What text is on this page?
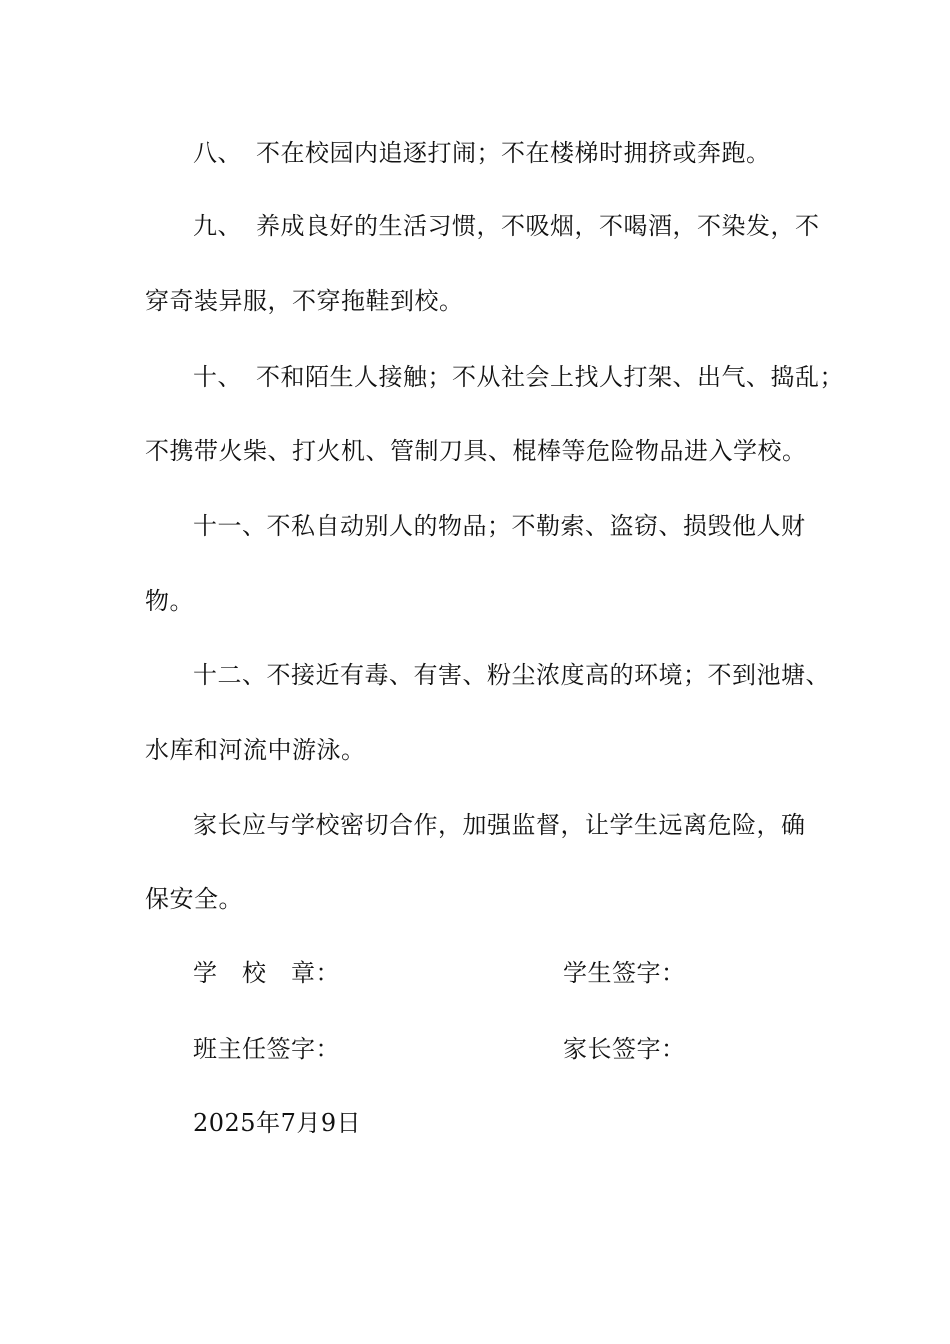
八、 不在校园内追逐打闹；不在楼梯时拥挤或奔跑。
九、 养成良好的生活习惯，不吸烟，不喝酒，不染发，不
穿奇装异服，不穿拖鞋到校。
十、 不和陌生人接触；不从社会上找人打架、出气、捣乱；
不携带火柴、打火机、管制刀具、棍棒等危险物品进入学校。
十一、不私自动别人的物品；不勒索、盗窃、损毁他人财
物。
十二、不接近有毒、有害、粉尘浓度高的环境；不到池塘、
水库和河流中游泳。
家长应与学校密切合作，加强监督，让学生远离危险，确
保安全。
学　校　章：	学生签字：
班主任签字：	家长签字：
2025年7月9日
